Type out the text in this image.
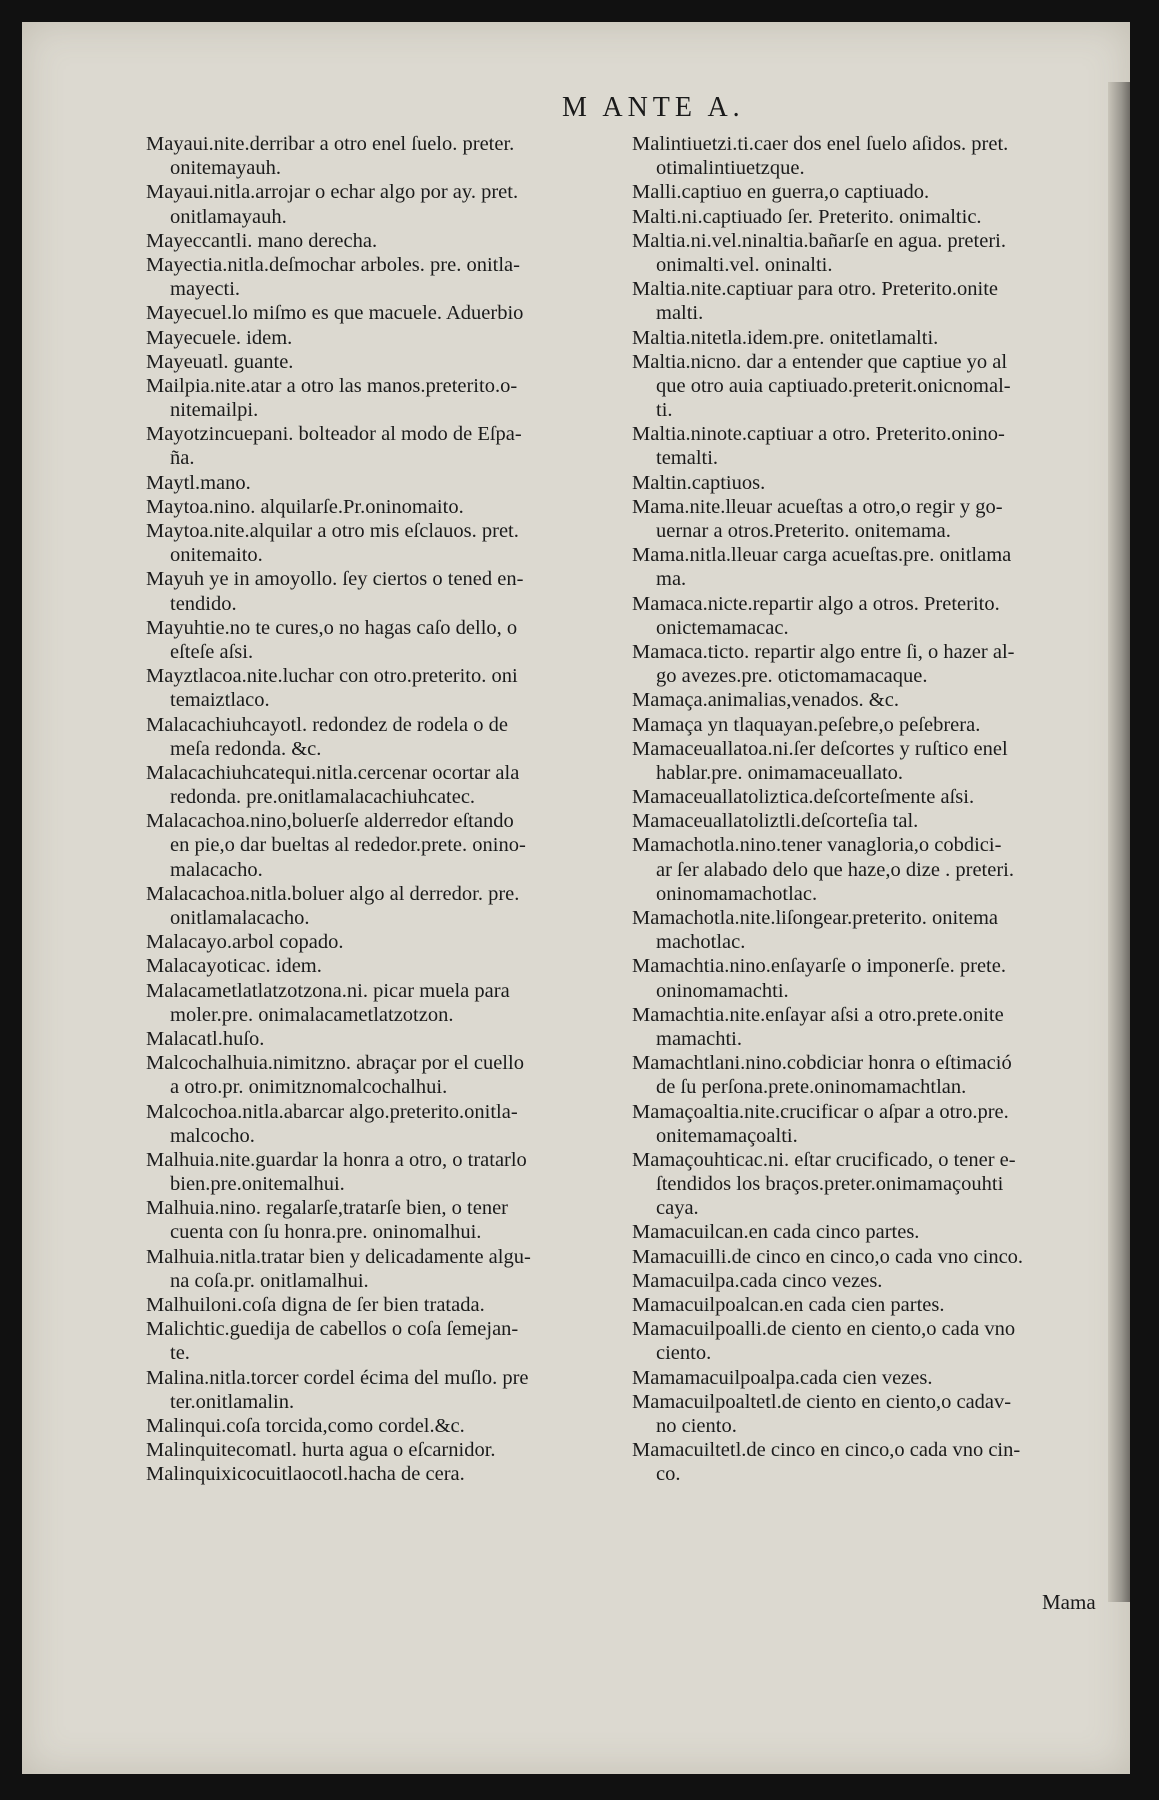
M ANTE A.
Mayaui.nite.derribar a otro enel ſuelo. preter.
onitemayauh.
Mayaui.nitla.arrojar o echar algo por ay. pret.
onitlamayauh.
Mayeccantli. mano derecha.
Mayectia.nitla.deſmochar arboles. pre. onitla-
mayecti.
Mayecuel.lo miſmo es que macuele. Aduerbio
Mayecuele. idem.
Mayeuatl. guante.
Mailpia.nite.atar a otro las manos.preterito.o-
nitemailpi.
Mayotzincuepani. bolteador al modo de Eſpa-
ña.
Maytl.mano.
Maytoa.nino. alquilarſe.Pr.oninomaito.
Maytoa.nite.alquilar a otro mis eſclauos. pret.
onitemaito.
Mayuh ye in amoyollo. ſey ciertos o tened en-
tendido.
Mayuhtie.no te cures,o no hagas caſo dello, o
eſteſe aſsi.
Mayztlacoa.nite.luchar con otro.preterito. oni
temaiztlaco.
Malacachiuhcayotl. redondez de rodela o de
meſa redonda. &c.
Malacachiuhcatequi.nitla.cercenar ocortar ala
redonda. pre.onitlamalacachiuhcatec.
Malacachoa.nino,boluerſe alderredor eſtando
en pie,o dar bueltas al rededor.prete. onino-
malacacho.
Malacachoa.nitla.boluer algo al derredor. pre.
onitlamalacacho.
Malacayo.arbol copado.
Malacayoticac. idem.
Malacametlatlatzotzona.ni. picar muela para
moler.pre. onimalacametlatzotzon.
Malacatl.huſo.
Malcochalhuia.nimitzno. abraçar por el cuello
a otro.pr. onimitznomalcochalhui.
Malcochoa.nitla.abarcar algo.preterito.onitla-
malcocho.
Malhuia.nite.guardar la honra a otro, o tratarlo
bien.pre.onitemalhui.
Malhuia.nino. regalarſe,tratarſe bien, o tener
cuenta con ſu honra.pre. oninomalhui.
Malhuia.nitla.tratar bien y delicadamente algu-
na coſa.pr. onitlamalhui.
Malhuiloni.coſa digna de ſer bien tratada.
Malichtic.guedija de cabellos o coſa ſemejan-
te.
Malina.nitla.torcer cordel écima del muſlo. pre
ter.onitlamalin.
Malinqui.coſa torcida,como cordel.&c.
Malinquitecomatl. hurta agua o eſcarnidor.
Malinquixicocuitlaocotl.hacha de cera.
Malintiuetzi.ti.caer dos enel ſuelo aſidos. pret.
otimalintiuetzque.
Malli.captiuo en guerra,o captiuado.
Malti.ni.captiuado ſer. Preterito. onimaltic.
Maltia.ni.vel.ninaltia.bañarſe en agua. preteri.
onimalti.vel. oninalti.
Maltia.nite.captiuar para otro. Preterito.onite
malti.
Maltia.nitetla.idem.pre. onitetlamalti.
Maltia.nicno. dar a entender que captiue yo al
que otro auia captiuado.preterit.onicnomal-
ti.
Maltia.ninote.captiuar a otro. Preterito.onino-
temalti.
Maltin.captiuos.
Mama.nite.lleuar acueſtas a otro,o regir y go-
uernar a otros.Preterito. onitemama.
Mama.nitla.lleuar carga acueſtas.pre. onitlama
ma.
Mamaca.nicte.repartir algo a otros. Preterito.
onictemamacac.
Mamaca.ticto. repartir algo entre ſi, o hazer al-
go avezes.pre. otictomamacaque.
Mamaça.animalias,venados. &c.
Mamaça yn tlaquayan.peſebre,o peſebrera.
Mamaceuallatoa.ni.ſer deſcortes y ruſtico enel
hablar.pre. onimamaceuallato.
Mamaceuallatoliztica.deſcorteſmente aſsi.
Mamaceuallatoliztli.deſcorteſia tal.
Mamachotla.nino.tener vanagloria,o cobdici-
ar ſer alabado delo que haze,o dize . preteri.
oninomamachotlac.
Mamachotla.nite.liſongear.preterito. onitema
machotlac.
Mamachtia.nino.enſayarſe o imponerſe. prete.
oninomamachti.
Mamachtia.nite.enſayar aſsi a otro.prete.onite
mamachti.
Mamachtlani.nino.cobdiciar honra o eſtimació
de ſu perſona.prete.oninomamachtlan.
Mamaçoaltia.nite.crucificar o aſpar a otro.pre.
onitemamaçoalti.
Mamaçouhticac.ni. eſtar crucificado, o tener e-
ſtendidos los braços.preter.onimamaçouhti
caya.
Mamacuilcan.en cada cinco partes.
Mamacuilli.de cinco en cinco,o cada vno cinco.
Mamacuilpa.cada cinco vezes.
Mamacuilpoalcan.en cada cien partes.
Mamacuilpoalli.de ciento en ciento,o cada vno
ciento.
Mamamacuilpoalpa.cada cien vezes.
Mamacuilpoaltetl.de ciento en ciento,o cadav-
no ciento.
Mamacuiltetl.de cinco en cinco,o cada vno cin-
co.
Mama
